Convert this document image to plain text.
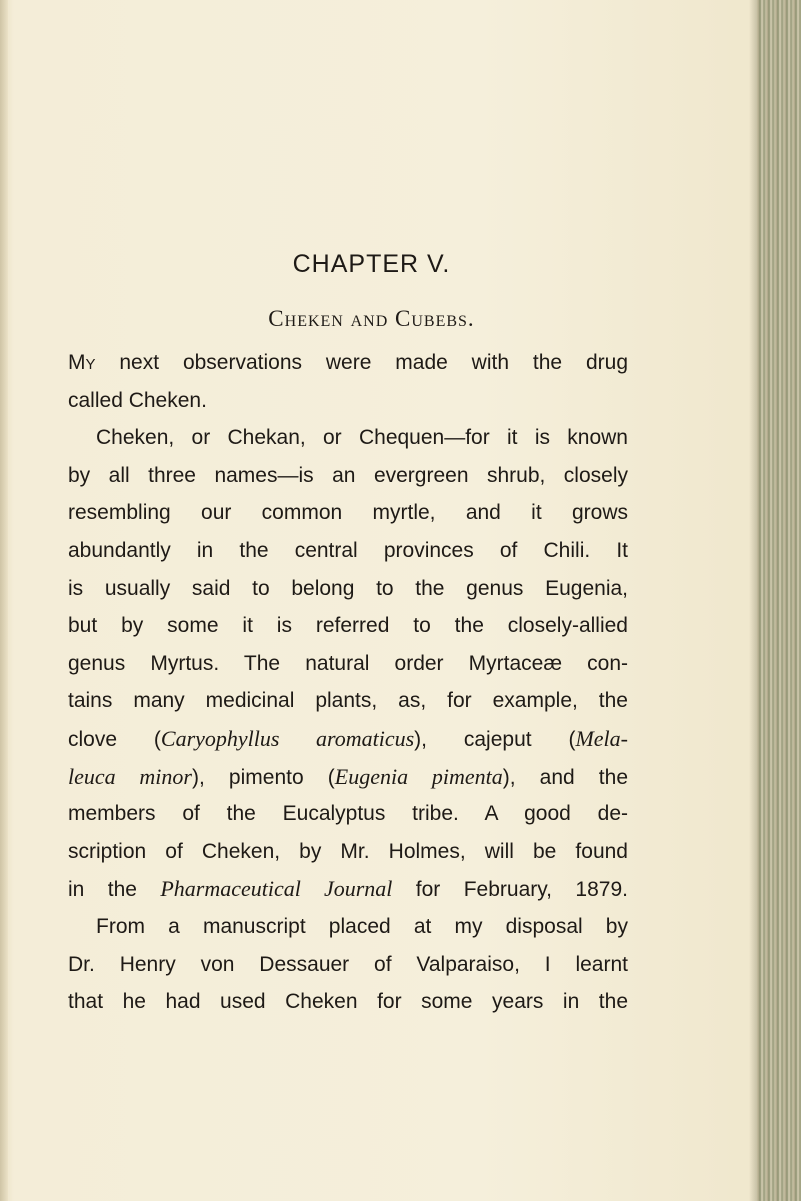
CHAPTER V.
Cheken and Cubebs.
My next observations were made with the drug
called Cheken.
Cheken, or Chekan, or Chequen—for it is known
by all three names—is an evergreen shrub, closely
resembling our common myrtle, and it grows
abundantly in the central provinces of Chili. It
is usually said to belong to the genus Eugenia,
but by some it is referred to the closely-allied
genus Myrtus. The natural order Myrtaceæ con-
tains many medicinal plants, as, for example, the
clove (Caryophyllus aromaticus), cajeput (Mela-
leuca minor), pimento (Eugenia pimenta), and the
members of the Eucalyptus tribe. A good de-
scription of Cheken, by Mr. Holmes, will be found
in the Pharmaceutical Journal for February, 1879.
From a manuscript placed at my disposal by
Dr. Henry von Dessauer of Valparaiso, I learnt
that he had used Cheken for some years in the
